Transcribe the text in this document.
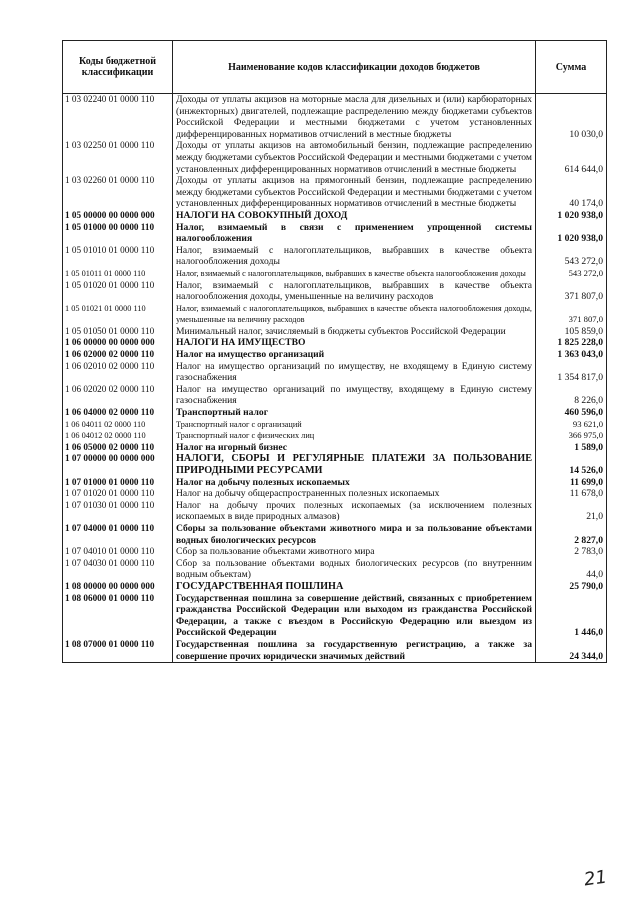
Коды бюджетной классификации	Наименование кодов классификации доходов бюджетов	Сумма
1 03 02240 01 0000 110	Доходы от уплаты акцизов на моторные масла для дизельных и (или) карбюраторных (инжекторных) двигателей, подлежащие распределению между бюджетами субъектов Российской Федерации и местными бюджетами с учетом установленных дифференцированных нормативов отчислений в местные бюджеты	10 030,0
1 03 02250 01 0000 110	Доходы от уплаты акцизов на автомобильный бензин, подлежащие распределению между бюджетами субъектов Российской Федерации и местными бюджетами с учетом установленных дифференцированных нормативов отчислений в местные бюджеты	614 644,0
1 03 02260 01 0000 110	Доходы от уплаты акцизов на прямогонный бензин, подлежащие распределению между бюджетами субъектов Российской Федерации и местными бюджетами с учетом установленных дифференцированных нормативов отчислений в местные бюджеты	40 174,0
1 05 00000 00 0000 000	НАЛОГИ НА СОВОКУПНЫЙ ДОХОД	1 020 938,0
1 05 01000 00 0000 110	Налог, взимаемый в связи с применением упрощенной системы налогообложения	1 020 938,0
1 05 01010 01 0000 110	Налог, взимаемый с налогоплательщиков, выбравших в качестве объекта налогообложения доходы	543 272,0
1 05 01011 01 0000 110	Налог, взимаемый с налогоплательщиков, выбравших в качестве объекта налогообложения доходы	543 272,0
1 05 01020 01 0000 110	Налог, взимаемый с налогоплательщиков, выбравших в качестве объекта налогообложения доходы, уменьшенные на величину расходов	371 807,0
1 05 01021 01 0000 110	Налог, взимаемый с налогоплательщиков, выбравших в качестве объекта налогообложения доходы, уменьшенные на величину расходов	371 807,0
1 05 01050 01 0000 110	Минимальный налог, зачисляемый в бюджеты субъектов Российской Федерации	105 859,0
1 06 00000 00 0000 000	НАЛОГИ НА ИМУЩЕСТВО	1 825 228,0
1 06 02000 02 0000 110	Налог на имущество организаций	1 363 043,0
1 06 02010 02 0000 110	Налог на имущество организаций по имуществу, не входящему в Единую систему газоснабжения	1 354 817,0
1 06 02020 02 0000 110	Налог на имущество организаций по имуществу, входящему в Единую систему газоснабжения	8 226,0
1 06 04000 02 0000 110	Транспортный налог	460 596,0
1 06 04011 02 0000 110	Транспортный налог с организаций	93 621,0
1 06 04012 02 0000 110	Транспортный налог с физических лиц	366 975,0
1 06 05000 02 0000 110	Налог на игорный бизнес	1 589,0
1 07 00000 00 0000 000	НАЛОГИ, СБОРЫ И РЕГУЛЯРНЫЕ ПЛАТЕЖИ ЗА ПОЛЬЗОВАНИЕ ПРИРОДНЫМИ РЕСУРСАМИ	14 526,0
1 07 01000 01 0000 110	Налог на добычу полезных ископаемых	11 699,0
1 07 01020 01 0000 110	Налог на добычу общераспространенных полезных ископаемых	11 678,0
1 07 01030 01 0000 110	Налог на добычу прочих полезных ископаемых (за исключением полезных ископаемых в виде природных алмазов)	21,0
1 07 04000 01 0000 110	Сборы за пользование объектами животного мира и за пользование объектами водных биологических ресурсов	2 827,0
1 07 04010 01 0000 110	Сбор за пользование объектами животного мира	2 783,0
1 07 04030 01 0000 110	Сбор за пользование объектами водных биологических ресурсов (по внутренним водным объектам)	44,0
1 08 00000 00 0000 000	ГОСУДАРСТВЕННАЯ ПОШЛИНА	25 790,0
1 08 06000 01 0000 110	Государственная пошлина за совершение действий, связанных с приобретением гражданства Российской Федерации или выходом из гражданства Российской Федерации, а также с въездом в Российскую Федерацию или выездом из Российской Федерации	1 446,0
1 08 07000 01 0000 110	Государственная пошлина за государственную регистрацию, а также за совершение прочих юридически значимых действий	24 344,0
21
